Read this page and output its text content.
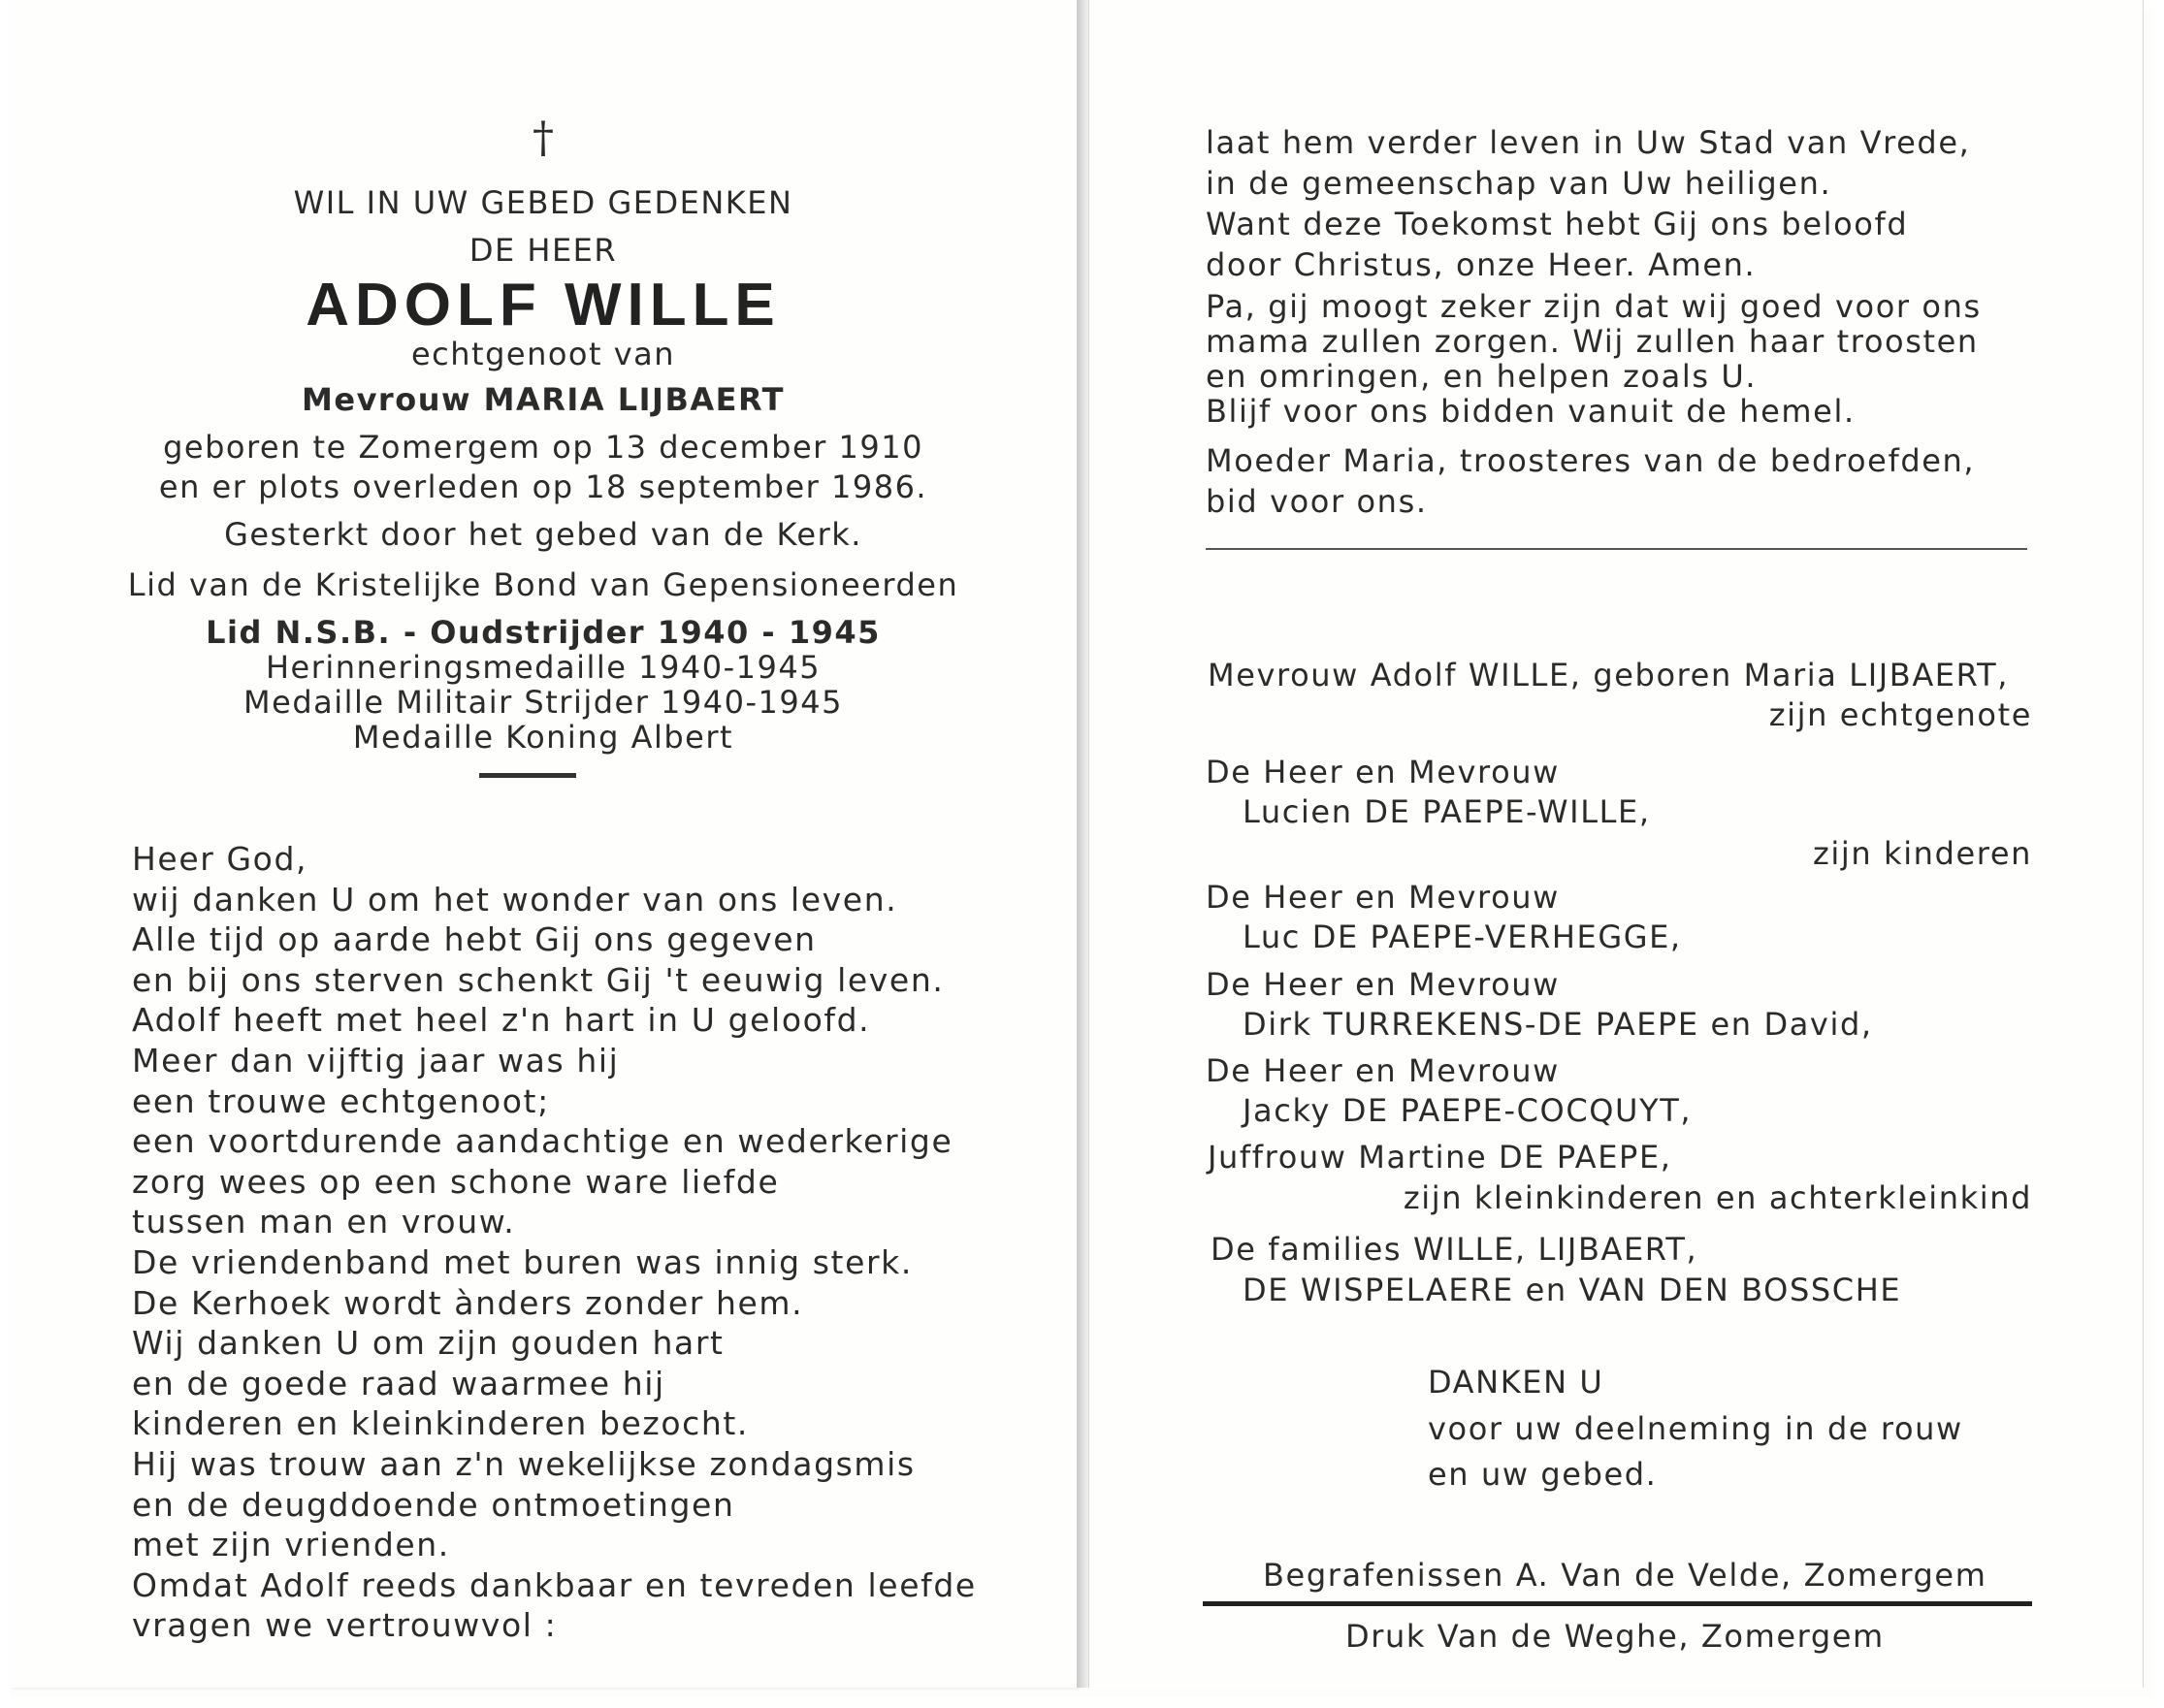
†
WIL IN UW GEBED GEDENKEN
DE HEER
ADOLF WILLE
echtgenoot van
Mevrouw MARIA LIJBAERT
geboren te Zomergem op 13 december 1910
en er plots overleden op 18 september 1986.
Gesterkt door het gebed van de Kerk.
Lid van de Kristelijke Bond van Gepensioneerden
Lid N.S.B. - Oudstrijder 1940 - 1945
Herinneringsmedaille 1940-1945
Medaille Militair Strijder 1940-1945
Medaille Koning Albert
Heer God,
wij danken U om het wonder van ons leven.
Alle tijd op aarde hebt Gij ons gegeven
en bij ons sterven schenkt Gij 't eeuwig leven.
Adolf heeft met heel z'n hart in U geloofd.
Meer dan vijftig jaar was hij
een trouwe echtgenoot;
een voortdurende aandachtige en wederkerige
zorg wees op een schone ware liefde
tussen man en vrouw.
De vriendenband met buren was innig sterk.
De Kerhoek wordt ànders zonder hem.
Wij danken U om zijn gouden hart
en de goede raad waarmee hij
kinderen en kleinkinderen bezocht.
Hij was trouw aan z'n wekelijkse zondagsmis
en de deugddoende ontmoetingen
met zijn vrienden.
Omdat Adolf reeds dankbaar en tevreden leefde
vragen we vertrouwvol :
laat hem verder leven in Uw Stad van Vrede,
in de gemeenschap van Uw heiligen.
Want deze Toekomst hebt Gij ons beloofd
door Christus, onze Heer. Amen.
Pa, gij moogt zeker zijn dat wij goed voor ons
mama zullen zorgen. Wij zullen haar troosten
en omringen, en helpen zoals U.
Blijf voor ons bidden vanuit de hemel.
Moeder Maria, troosteres van de bedroefden,
bid voor ons.
Mevrouw Adolf WILLE, geboren Maria LIJBAERT,
zijn echtgenote
De Heer en Mevrouw
Lucien DE PAEPE-WILLE,
zijn kinderen
De Heer en Mevrouw
Luc DE PAEPE-VERHEGGE,
De Heer en Mevrouw
Dirk TURREKENS-DE PAEPE en David,
De Heer en Mevrouw
Jacky DE PAEPE-COCQUYT,
Juffrouw Martine DE PAEPE,
zijn kleinkinderen en achterkleinkind
De families WILLE, LIJBAERT,
DE WISPELAERE en VAN DEN BOSSCHE
DANKEN U
voor uw deelneming in de rouw
en uw gebed.
Begrafenissen A. Van de Velde, Zomergem
Druk Van de Weghe, Zomergem
